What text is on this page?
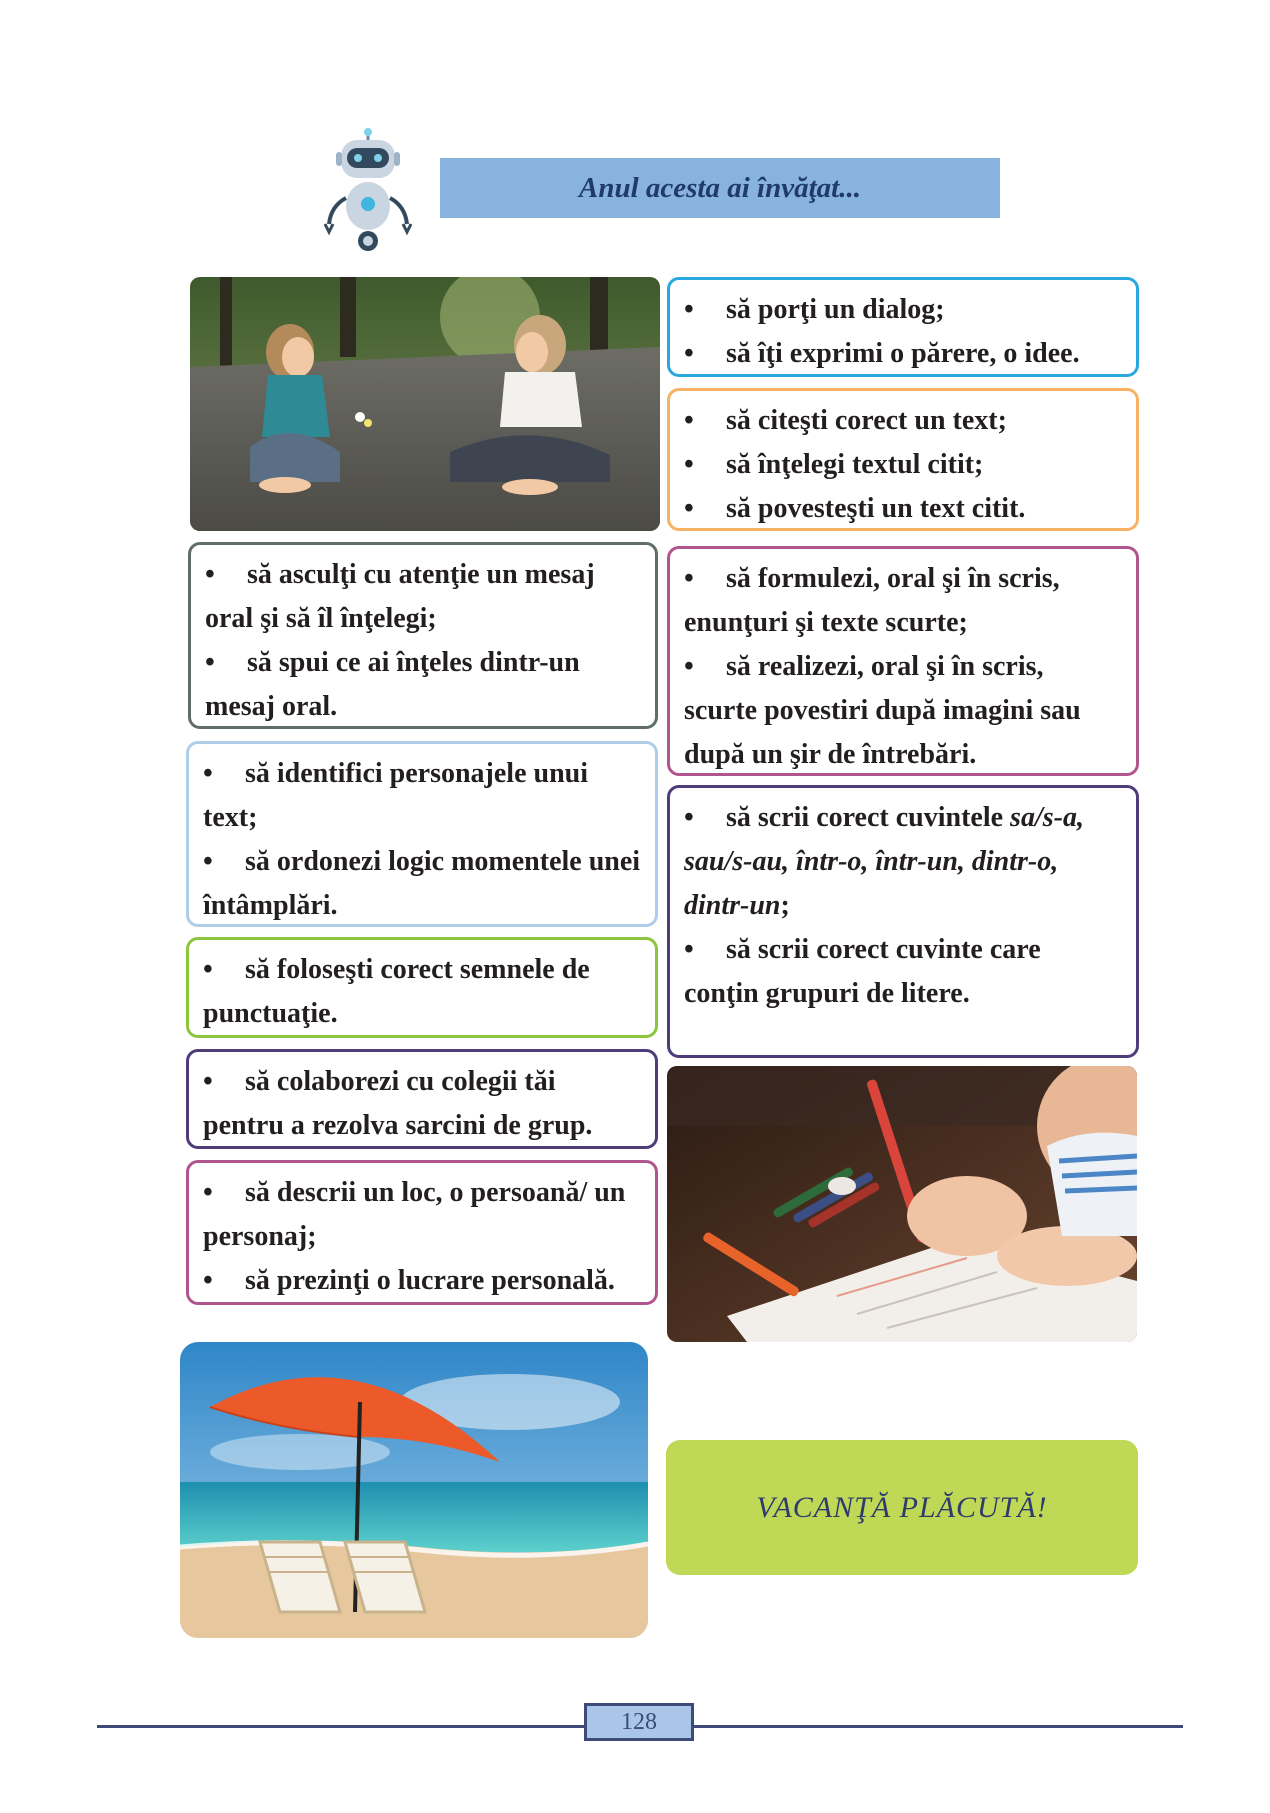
Anul acesta ai învăţat...
• să porţi un dialog;
• să îţi exprimi o părere, o idee.
• să citeşti corect un text;
• să înţelegi textul citit;
• să povesteşti un text citit.
• să formulezi, oral şi în scris, enunţuri şi texte scurte;
• să realizezi, oral şi în scris, scurte povestiri după imagini sau după un şir de întrebări.
• să scrii corect cuvintele sa/s-a, sau/s-au, într-o, într-un, dintr-o, dintr-un;
• să scrii corect cuvinte care conţin grupuri de litere.
• să asculţi cu atenţie un mesaj oral şi să îl înţelegi;
• să spui ce ai înţeles dintr-un mesaj oral.
• să identifici personajele unui text;
• să ordonezi logic momentele unei întâmplări.
• să foloseşti corect semnele de punctuaţie.
• să colaborezi cu colegii tăi pentru a rezolva sarcini de grup.
• să descrii un loc, o persoană/ un personaj;
• să prezinţi o lucrare personală.
VACANŢĂ PLĂCUTĂ!
128
